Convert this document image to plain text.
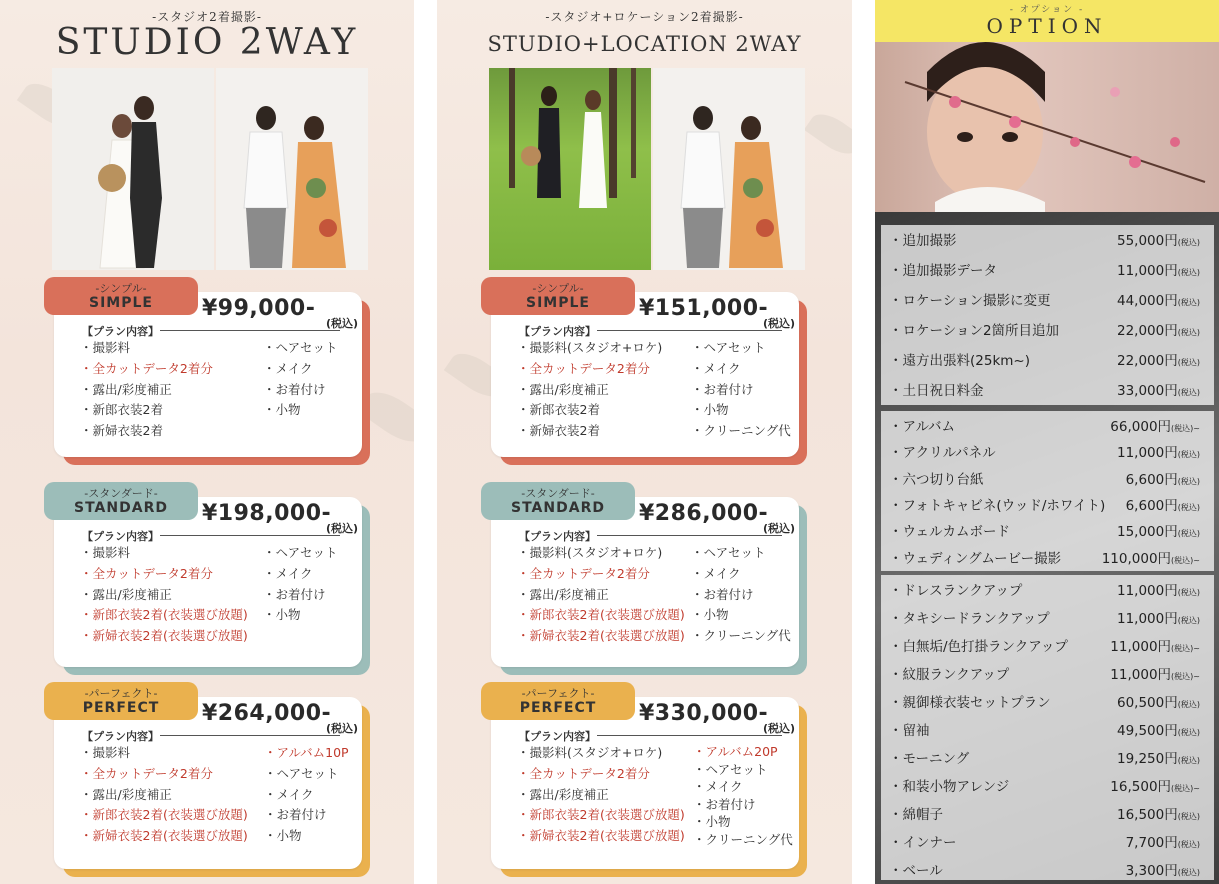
-スタジオ2着撮影-
STUDIO 2WAY
-シンプル-
SIMPLE	¥99,000-
(税込)
【プラン内容】
・ 撮影料
・ 全カットデータ2着分
・ 露出/彩度補正
・ 新郎衣装2着
・ 新婦衣装2着
・ ヘアセット
・ メイク
・ お着付け
・ 小物
-スタンダード-
STANDARD	¥198,000-
(税込)
【プラン内容】
・ 撮影料
・ 全カットデータ2着分
・ 露出/彩度補正
・ 新郎衣装2着(衣装選び放題)
・ 新婦衣装2着(衣装選び放題)
・ ヘアセット
・ メイク
・ お着付け
・ 小物
-パーフェクト-
PERFECT	¥264,000-
(税込)
【プラン内容】
・ 撮影料
・ 全カットデータ2着分
・ 露出/彩度補正
・ 新郎衣装2着(衣装選び放題)
・ 新婦衣装2着(衣装選び放題)
・ アルバム10P
・ ヘアセット
・ メイク
・ お着付け
・ 小物
-スタジオ+ロケーション2着撮影-
STUDIO+LOCATION 2WAY
-シンプル-
SIMPLE	¥151,000-
(税込)
【プラン内容】
・ 撮影料(スタジオ+ロケ)
・ 全カットデータ2着分
・ 露出/彩度補正
・ 新郎衣装2着
・ 新婦衣装2着
・ ヘアセット
・ メイク
・ お着付け
・ 小物
・ クリーニング代
-スタンダード-
STANDARD	¥286,000-
(税込)
【プラン内容】
・ 撮影料(スタジオ+ロケ)
・ 全カットデータ2着分
・ 露出/彩度補正
・ 新郎衣装2着(衣装選び放題)
・ 新婦衣装2着(衣装選び放題)
・ ヘアセット
・ メイク
・ お着付け
・ 小物
・ クリーニング代
-パーフェクト-
PERFECT	¥330,000-
(税込)
【プラン内容】
・ 撮影料(スタジオ+ロケ)
・ 全カットデータ2着分
・ 露出/彩度補正
・ 新郎衣装2着(衣装選び放題)
・ 新婦衣装2着(衣装選び放題)
・ アルバム20P
・ ヘアセット
・ メイク
・ お着付け
・ 小物
・ クリーニング代
- オプション -
OPTION
・ 追加撮影	55,000円(税込)
・ 追加撮影データ	11,000円(税込)
・ ロケーション撮影に変更	44,000円(税込)
・ ロケーション2箇所目追加	22,000円(税込)
・ 遠方出張料(25km~)	22,000円(税込)
・ 土日祝日料金	33,000円(税込)
・ アルバム	66,000円(税込)~
・ アクリルパネル	11,000円(税込)
・ 六つ切り台紙	6,600円(税込)
・ フォトキャビネ(ウッド/ホワイト) 6,600円(税込)
・ ウェルカムボード	15,000円(税込)
・ ウェディングムービー撮影	110,000円(税込)~
・ ドレスランクアップ	11,000円(税込)
・ タキシードランクアップ	11,000円(税込)
・ 白無垢/色打掛ランクアップ	11,000円(税込)~
・ 紋服ランクアップ	11,000円(税込)~
・ 親御様衣装セットプラン	60,500円(税込)
・ 留袖	49,500円(税込)
・ モーニング	19,250円(税込)
・ 和装小物アレンジ	16,500円(税込)~
・ 綿帽子	16,500円(税込)
・ インナー	7,700円(税込)
・ ベール	3,300円(税込)
